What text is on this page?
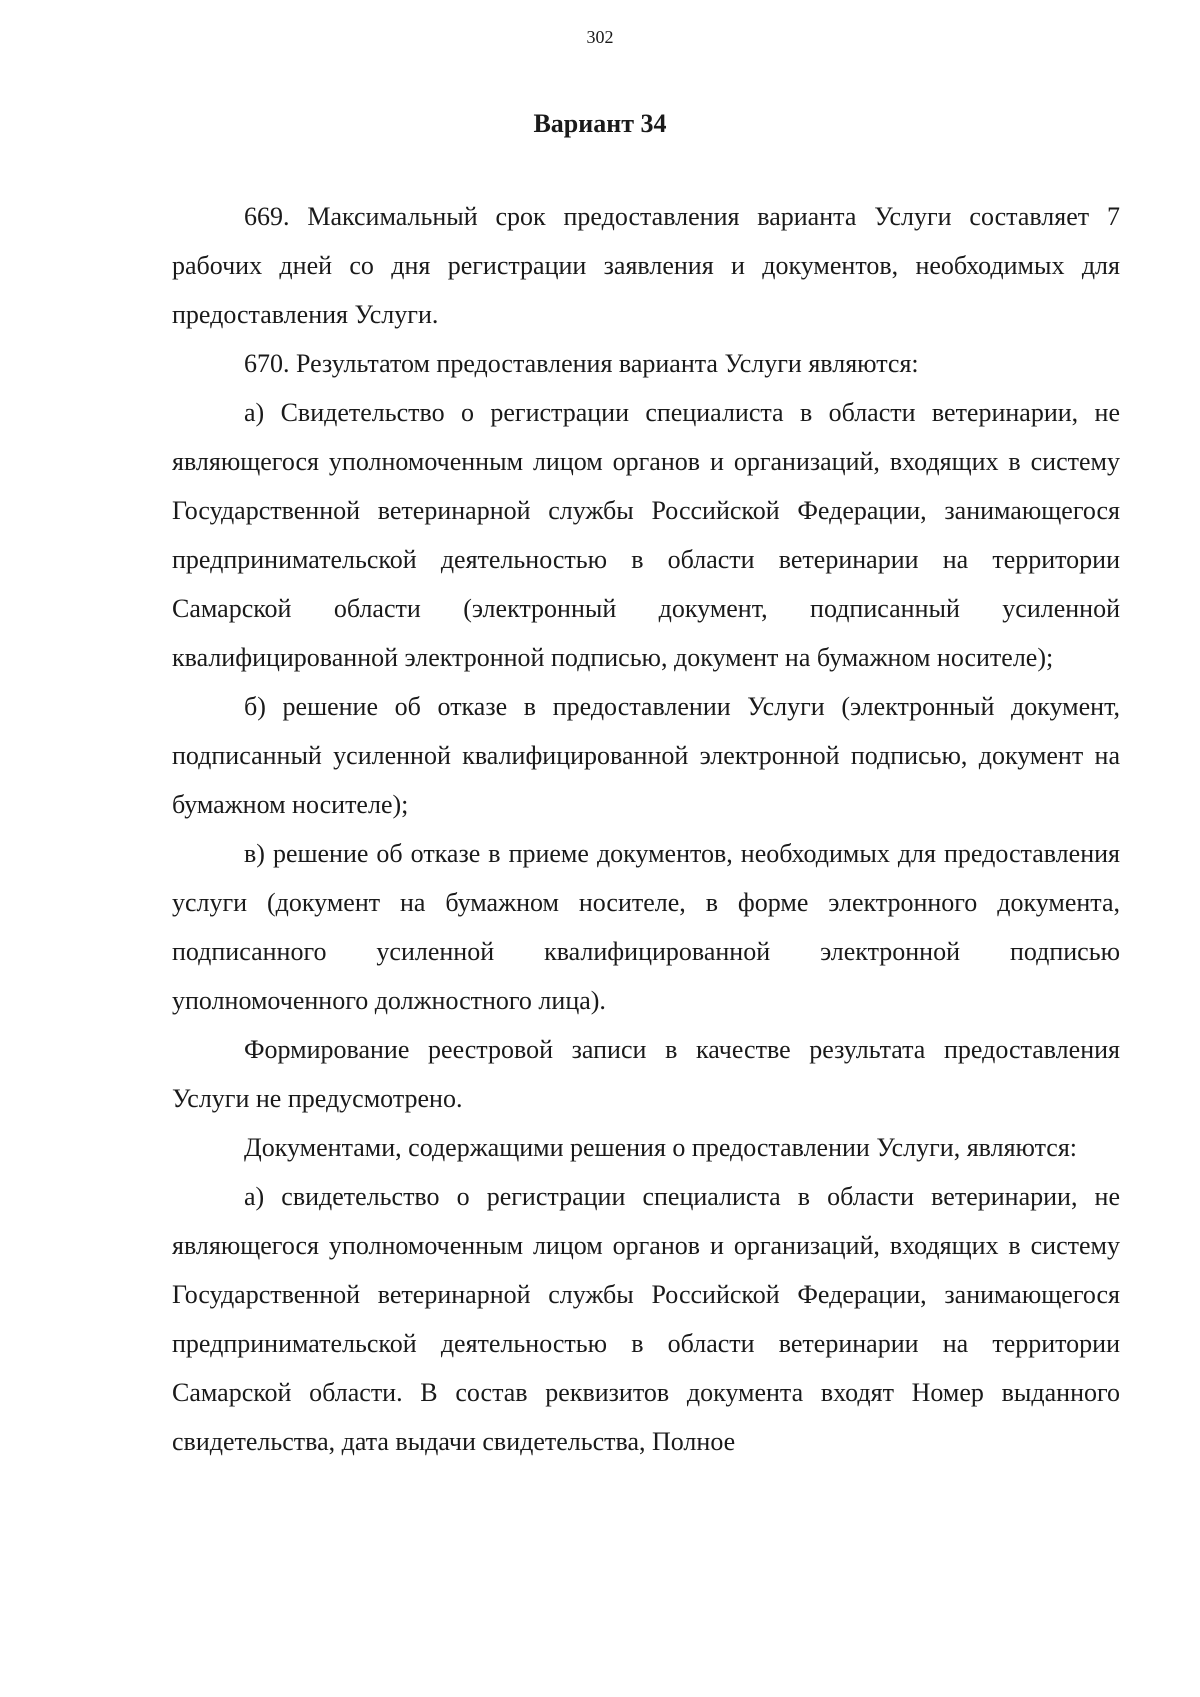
302
Вариант 34

669. Максимальный срок предоставления варианта Услуги составляет 7 рабочих дней со дня регистрации заявления и документов, необходимых для предоставления Услуги.

670. Результатом предоставления варианта Услуги являются:

а) Свидетельство о регистрации специалиста в области ветеринарии, не являющегося уполномоченным лицом органов и организаций, входящих в систему Государственной ветеринарной службы Российской Федерации, занимающегося предпринимательской деятельностью в области ветеринарии на территории Самарской области (электронный документ, подписанный усиленной квалифицированной электронной подписью, документ на бумажном носителе);

б) решение об отказе в предоставлении Услуги (электронный документ, подписанный усиленной квалифицированной электронной подписью, документ на бумажном носителе);

в) решение об отказе в приеме документов, необходимых для предоставления услуги (документ на бумажном носителе, в форме электронного документа, подписанного усиленной квалифицированной электронной подписью уполномоченного должностного лица).

Формирование реестровой записи в качестве результата предоставления Услуги не предусмотрено.

Документами, содержащими решения о предоставлении Услуги, являются:

а) свидетельство о регистрации специалиста в области ветеринарии, не являющегося уполномоченным лицом органов и организаций, входящих в систему Государственной ветеринарной службы Российской Федерации, занимающегося предпринимательской деятельностью в области ветеринарии на территории Самарской области. В состав реквизитов документа входят Номер выданного свидетельства, дата выдачи свидетельства, Полное
